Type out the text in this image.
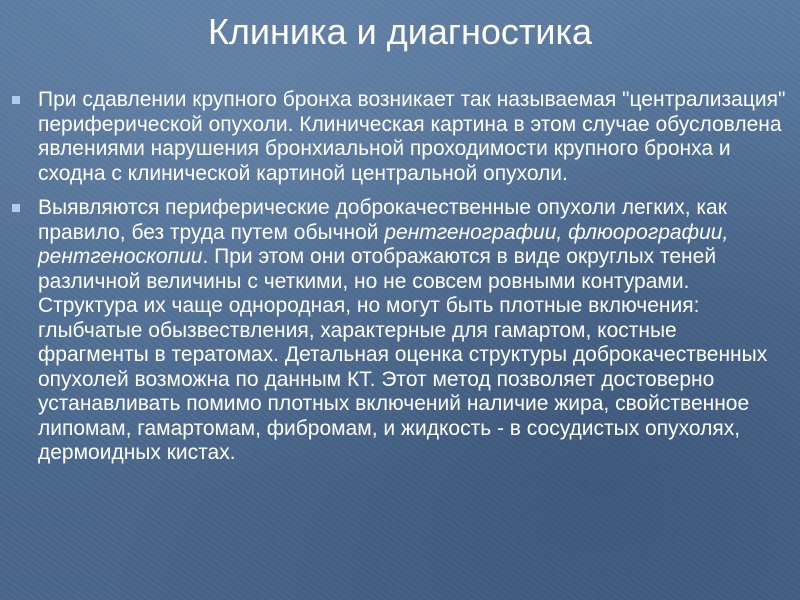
Клиника и диагностика
При сдавлении крупного бронха возникает так называемая "централизация" периферической опухоли. Клиническая картина в этом случае обусловлена явлениями нарушения бронхиальной проходимости крупного бронха и сходна с клинической картиной центральной опухоли.
Выявляются периферические доброкачественные опухоли легких, как правило, без труда путем обычной рентгенографии, флюорографии, рентгеноскопии. При этом они отображаются в виде округлых теней различной величины с четкими, но не совсем ровными контурами. Структура их чаще однородная, но могут быть плотные включения: глыбчатые обызвествления, характерные для гамартом, костные фрагменты в тератомах. Детальная оценка структуры доброкачественных опухолей возможна по данным КТ. Этот метод позволяет достоверно устанавливать помимо плотных включений наличие жира, свойственное липомам, гамартомам, фибромам, и жидкость - в сосудистых опухолях, дермоидных кистах.
